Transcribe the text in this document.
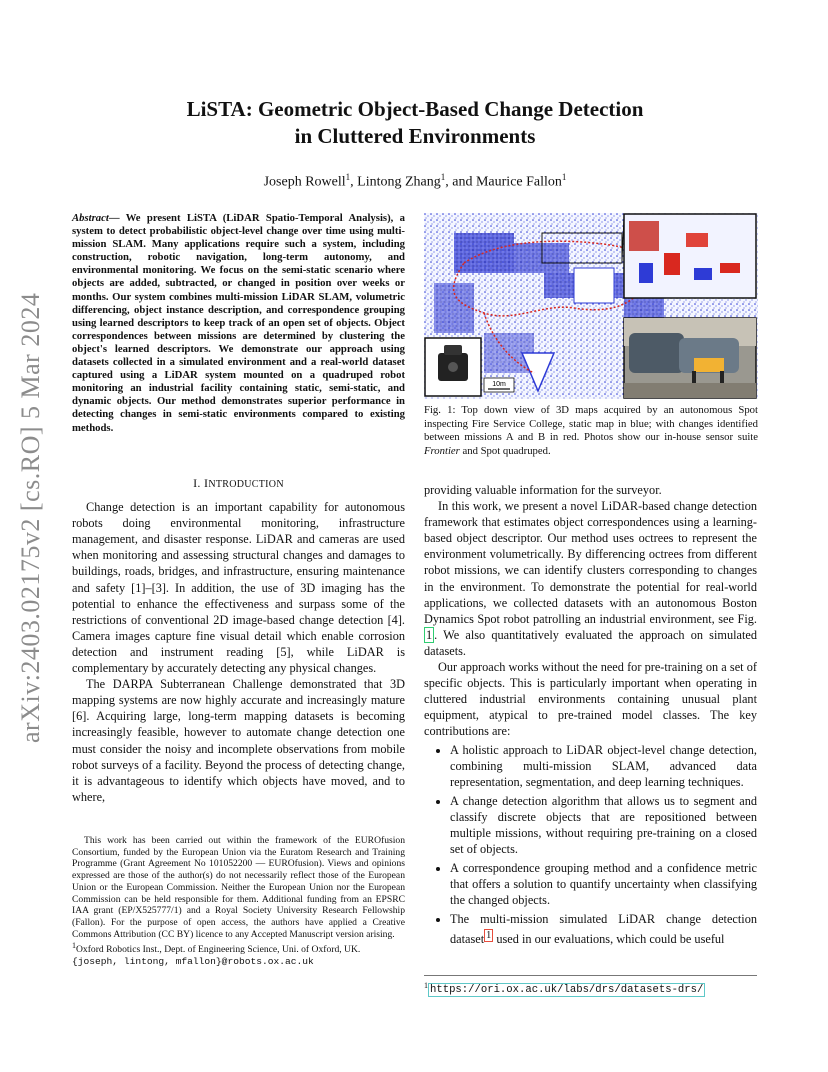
arXiv:2403.02175v2 [cs.RO] 5 Mar 2024
LiSTA: Geometric Object-Based Change Detection
in Cluttered Environments
Joseph Rowell$^1$, Lintong Zhang$^1$, and Maurice Fallon$^1$
Abstract— We present LiSTA (LiDAR Spatio-Temporal Analysis), a system to detect probabilistic object-level change over time using multi-mission SLAM. Many applications require such a system, including construction, robotic navigation, long-term autonomy, and environmental monitoring. We focus on the semi-static scenario where objects are added, subtracted, or changed in position over weeks or months. Our system combines multi-mission LiDAR SLAM, volumetric differencing, object instance description, and correspondence grouping using learned descriptors to keep track of an open set of objects. Object correspondences between missions are determined by clustering the object's learned descriptors. We demonstrate our approach using datasets collected in a simulated environment and a real-world dataset captured using a LiDAR system mounted on a quadruped robot monitoring an industrial facility containing static, semi-static, and dynamic objects. Our method demonstrates superior performance in detecting changes in semi-static environments compared to existing methods.
I. INTRODUCTION

Change detection is an important capability for autonomous robots doing environmental monitoring, infrastructure management, and disaster response. LiDAR and cameras are used when monitoring and assessing structural changes and damages to buildings, roads, bridges, and infrastructure, ensuring maintenance and safety [1]–[3]. In addition, the use of 3D imaging has the potential to enhance the effectiveness and surpass some of the restrictions of conventional 2D image-based change detection [4]. Camera images capture fine visual detail which enable corrosion detection and instrument reading [5], while LiDAR is complementary by accurately detecting any physical changes.

The DARPA Subterranean Challenge demonstrated that 3D mapping systems are now highly accurate and increasingly mature [6]. Acquiring large, long-term mapping datasets is becoming increasingly feasible, however to automate change detection one must consider the noisy and incomplete observations from mobile robot surveys of a facility. Beyond the process of detecting change, it is advantageous to identify which objects have moved, and to where,

This work has been carried out within the framework of the EUROfusion Consortium, funded by the European Union via the Euratom Research and Training Programme (Grant Agreement No 101052200 — EUROfusion). Views and opinions expressed are those of the author(s) do not necessarily reflect those of the European Union or the European Commission. Neither the European Union nor the European Commission can be held responsible for them. Additional funding from an EPSRC IAA grant (EP/X525777/1) and a Royal Society University Research Fellowship (Fallon). For the purpose of open access, the authors have applied a Creative Commons Attribution (CC BY) licence to any Accepted Manuscript version arising.

$^1$Oxford Robotics Inst., Dept. of Engineering Science, Uni. of Oxford, UK.
{joseph, lintong, mfallon}@robots.ox.ac.uk
10m
Fig. 1: Top down view of 3D maps acquired by an autonomous Spot inspecting Fire Service College, static map in blue; with changes identified between missions A and B in red. Photos show our in-house sensor suite Frontier and Spot quadruped.

providing valuable information for the surveyor.

In this work, we present a novel LiDAR-based change detection framework that estimates object correspondences using a learning-based object descriptor. Our method uses octrees to represent the environment volumetrically. By differencing octrees from different robot missions, we can identify clusters corresponding to changes in the environment. To demonstrate the potential for real-world applications, we collected datasets with an autonomous Boston Dynamics Spot robot patrolling an industrial environment, see Fig. 1 . We also quantitatively evaluated the approach on simulated datasets.

Our approach works without the need for pre-training on a set of specific objects. This is particularly important when operating in cluttered industrial environments containing unusual plant equipment, atypical to pre-trained model classes. The key contributions are:

• A holistic approach to LiDAR object-level change detection, combining multi-mission SLAM, advanced data representation, segmentation, and deep learning techniques.
• A change detection algorithm that allows us to segment and classify discrete objects that are repositioned between multiple missions, without requiring pre-training on a closed set of objects.
• A correspondence grouping method and a confidence metric that offers a solution to quantify uncertainty when classifying the changed objects.
• The multi-mission simulated LiDAR change detection dataset $^1$ used in our evaluations, which could be useful
$^1$ https://ori.ox.ac.uk/labs/drs/datasets-drs/
